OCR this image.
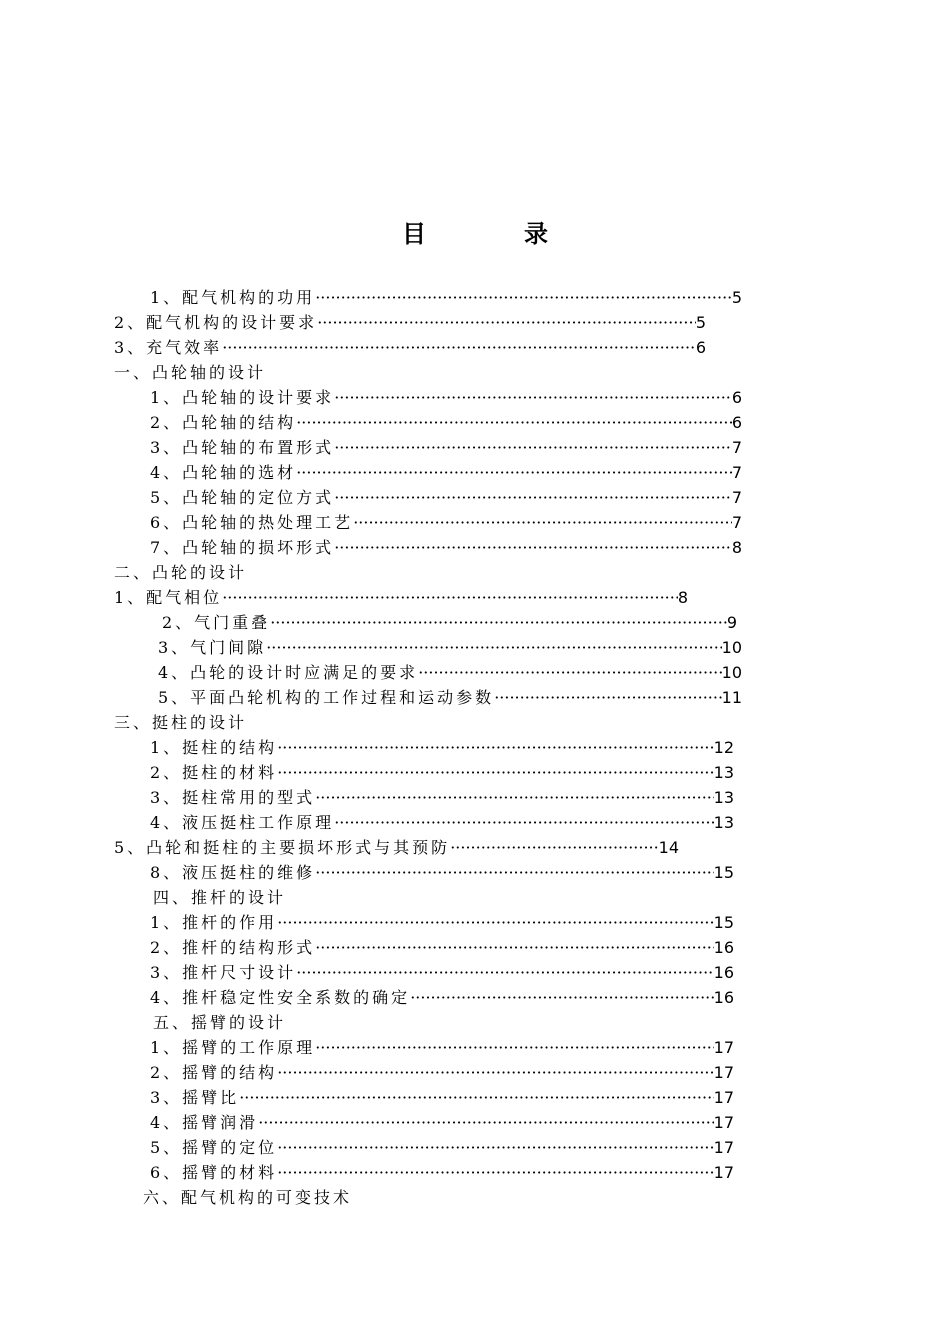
目	录
1、配气机构的功用 ·····	5
2、配气机构的设计要求 ·····	5
3、充气效率 ·····	6
一、凸轮轴的设计
1、凸轮轴的设计要求 ·····	6
2、凸轮轴的结构 ·····	6
3、凸轮轴的布置形式 ·····	7
4、凸轮轴的选材 ·····	7
5、凸轮轴的定位方式 ·····	7
6、凸轮轴的热处理工艺 ·····	7
7、凸轮轴的损坏形式 ·····	8
二、凸轮的设计
1、配气相位 ·····	8
2、气门重叠 ·····	9
3、气门间隙 ·····	10
4、凸轮的设计时应满足的要求 ·····	10
5、平面凸轮机构的工作过程和运动参数 ·····	11
三、挺柱的设计
1、挺柱的结构 ·····	12
2、挺柱的材料 ·····	13
3、挺柱常用的型式 ·····	13
4、液压挺柱工作原理 ·····	13
5、凸轮和挺柱的主要损坏形式与其预防 ·····	14
8、液压挺柱的维修 ·····	15
四、推杆的设计
1、推杆的作用 ·····	15
2、推杆的结构形式 ·····	16
3、推杆尺寸设计 ·····	16
4、推杆稳定性安全系数的确定 ·····	16
五、摇臂的设计
1、摇臂的工作原理 ·····	17
2、摇臂的结构 ·····	17
3、摇臂比 ·····	17
4、摇臂润滑 ·····	17
5、摇臂的定位 ·····	17
6、摇臂的材料 ·····	17
六、配气机构的可变技术
